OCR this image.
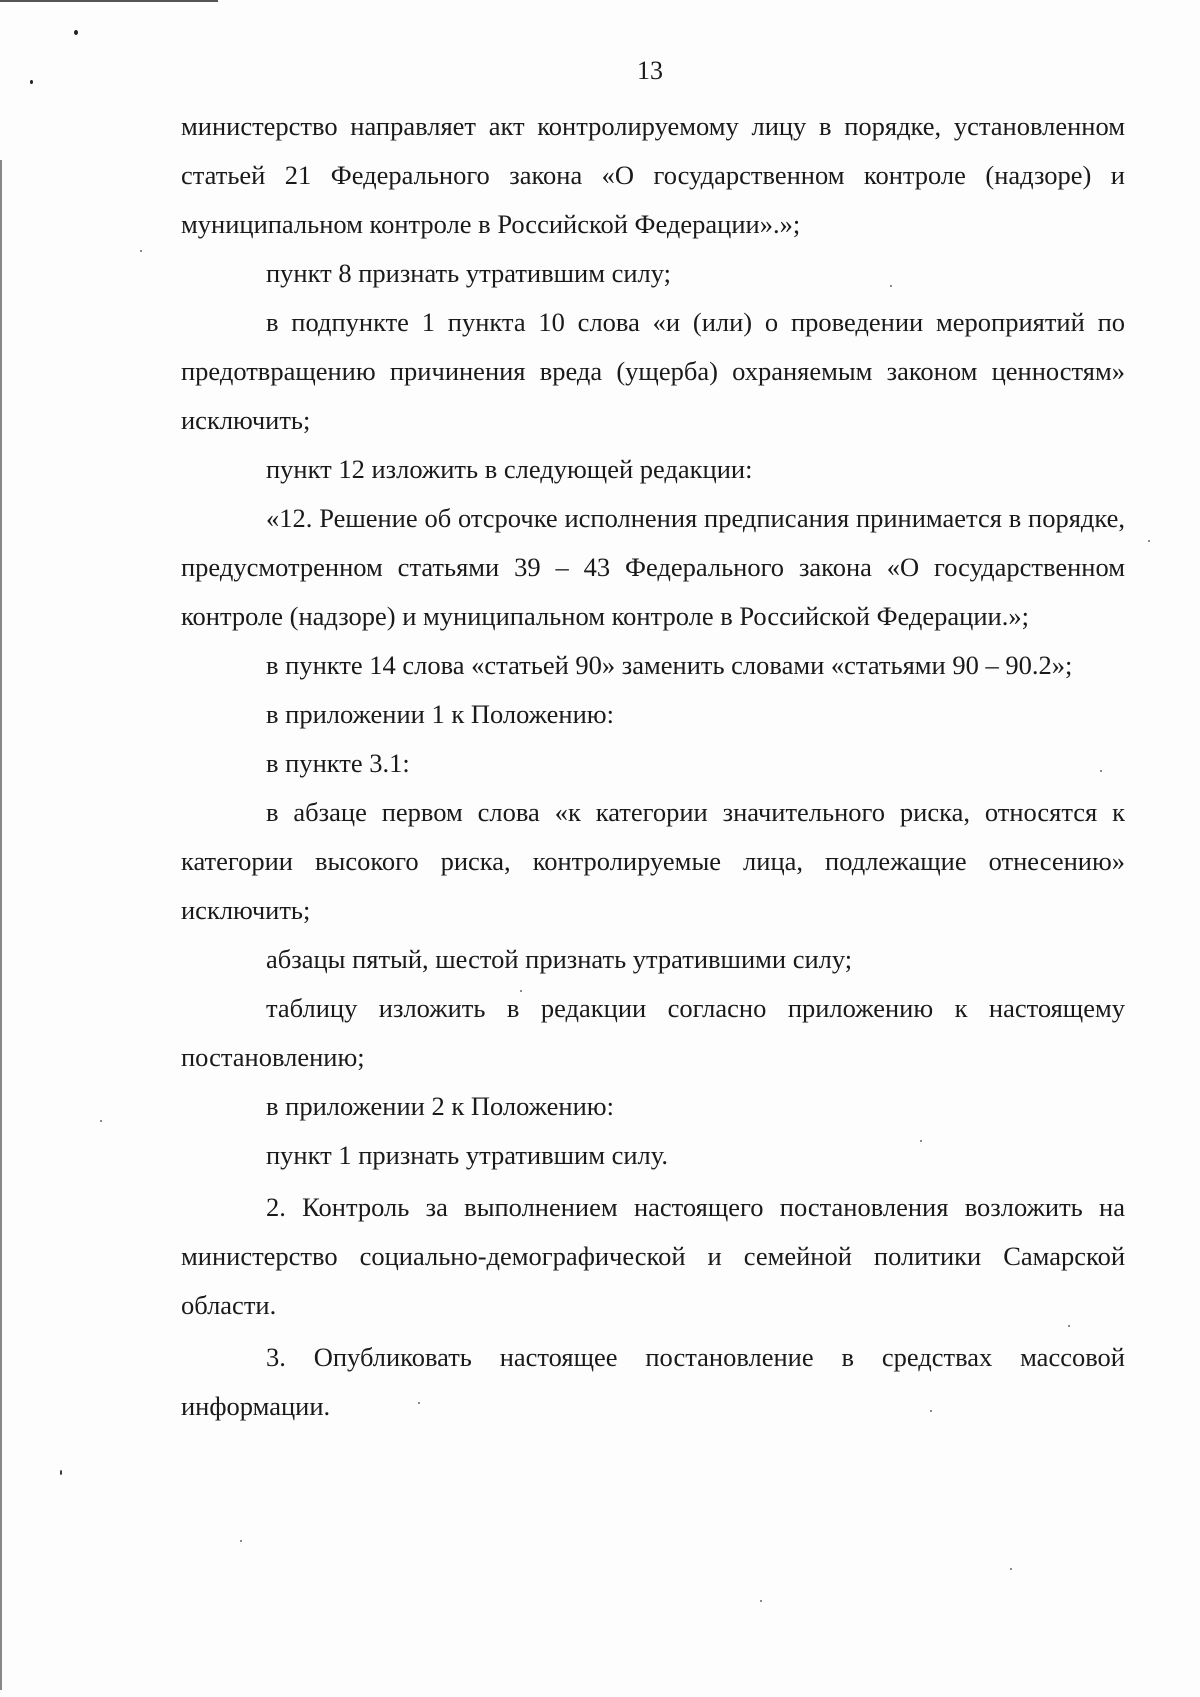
13

министерство направляет акт контролируемому лицу в порядке, установленном статьей 21 Федерального закона «О государственном контроле (надзоре) и муниципальном контроле в Российской Федерации».»;

пункт 8 признать утратившим силу;

в подпункте 1 пункта 10 слова «и (или) о проведении мероприятий по предотвращению причинения вреда (ущерба) охраняемым законом ценностям» исключить;

пункт 12 изложить в следующей редакции:

«12. Решение об отсрочке исполнения предписания принимается в порядке, предусмотренном статьями 39 – 43 Федерального закона «О государственном контроле (надзоре) и муниципальном контроле в Российской Федерации.»;

в пункте 14 слова «статьей 90» заменить словами «статьями 90 – 90.2»;

в приложении 1 к Положению:

в пункте 3.1:

в абзаце первом слова «к категории значительного риска, относятся к категории высокого риска, контролируемые лица, подлежащие отнесению» исключить;

абзацы пятый, шестой признать утратившими силу;

таблицу изложить в редакции согласно приложению к настоящему постановлению;

в приложении 2 к Положению:

пункт 1 признать утратившим силу.

2. Контроль за выполнением настоящего постановления возложить на министерство социально-демографической и семейной политики Самарской области.

3. Опубликовать настоящее постановление в средствах массовой информации.
